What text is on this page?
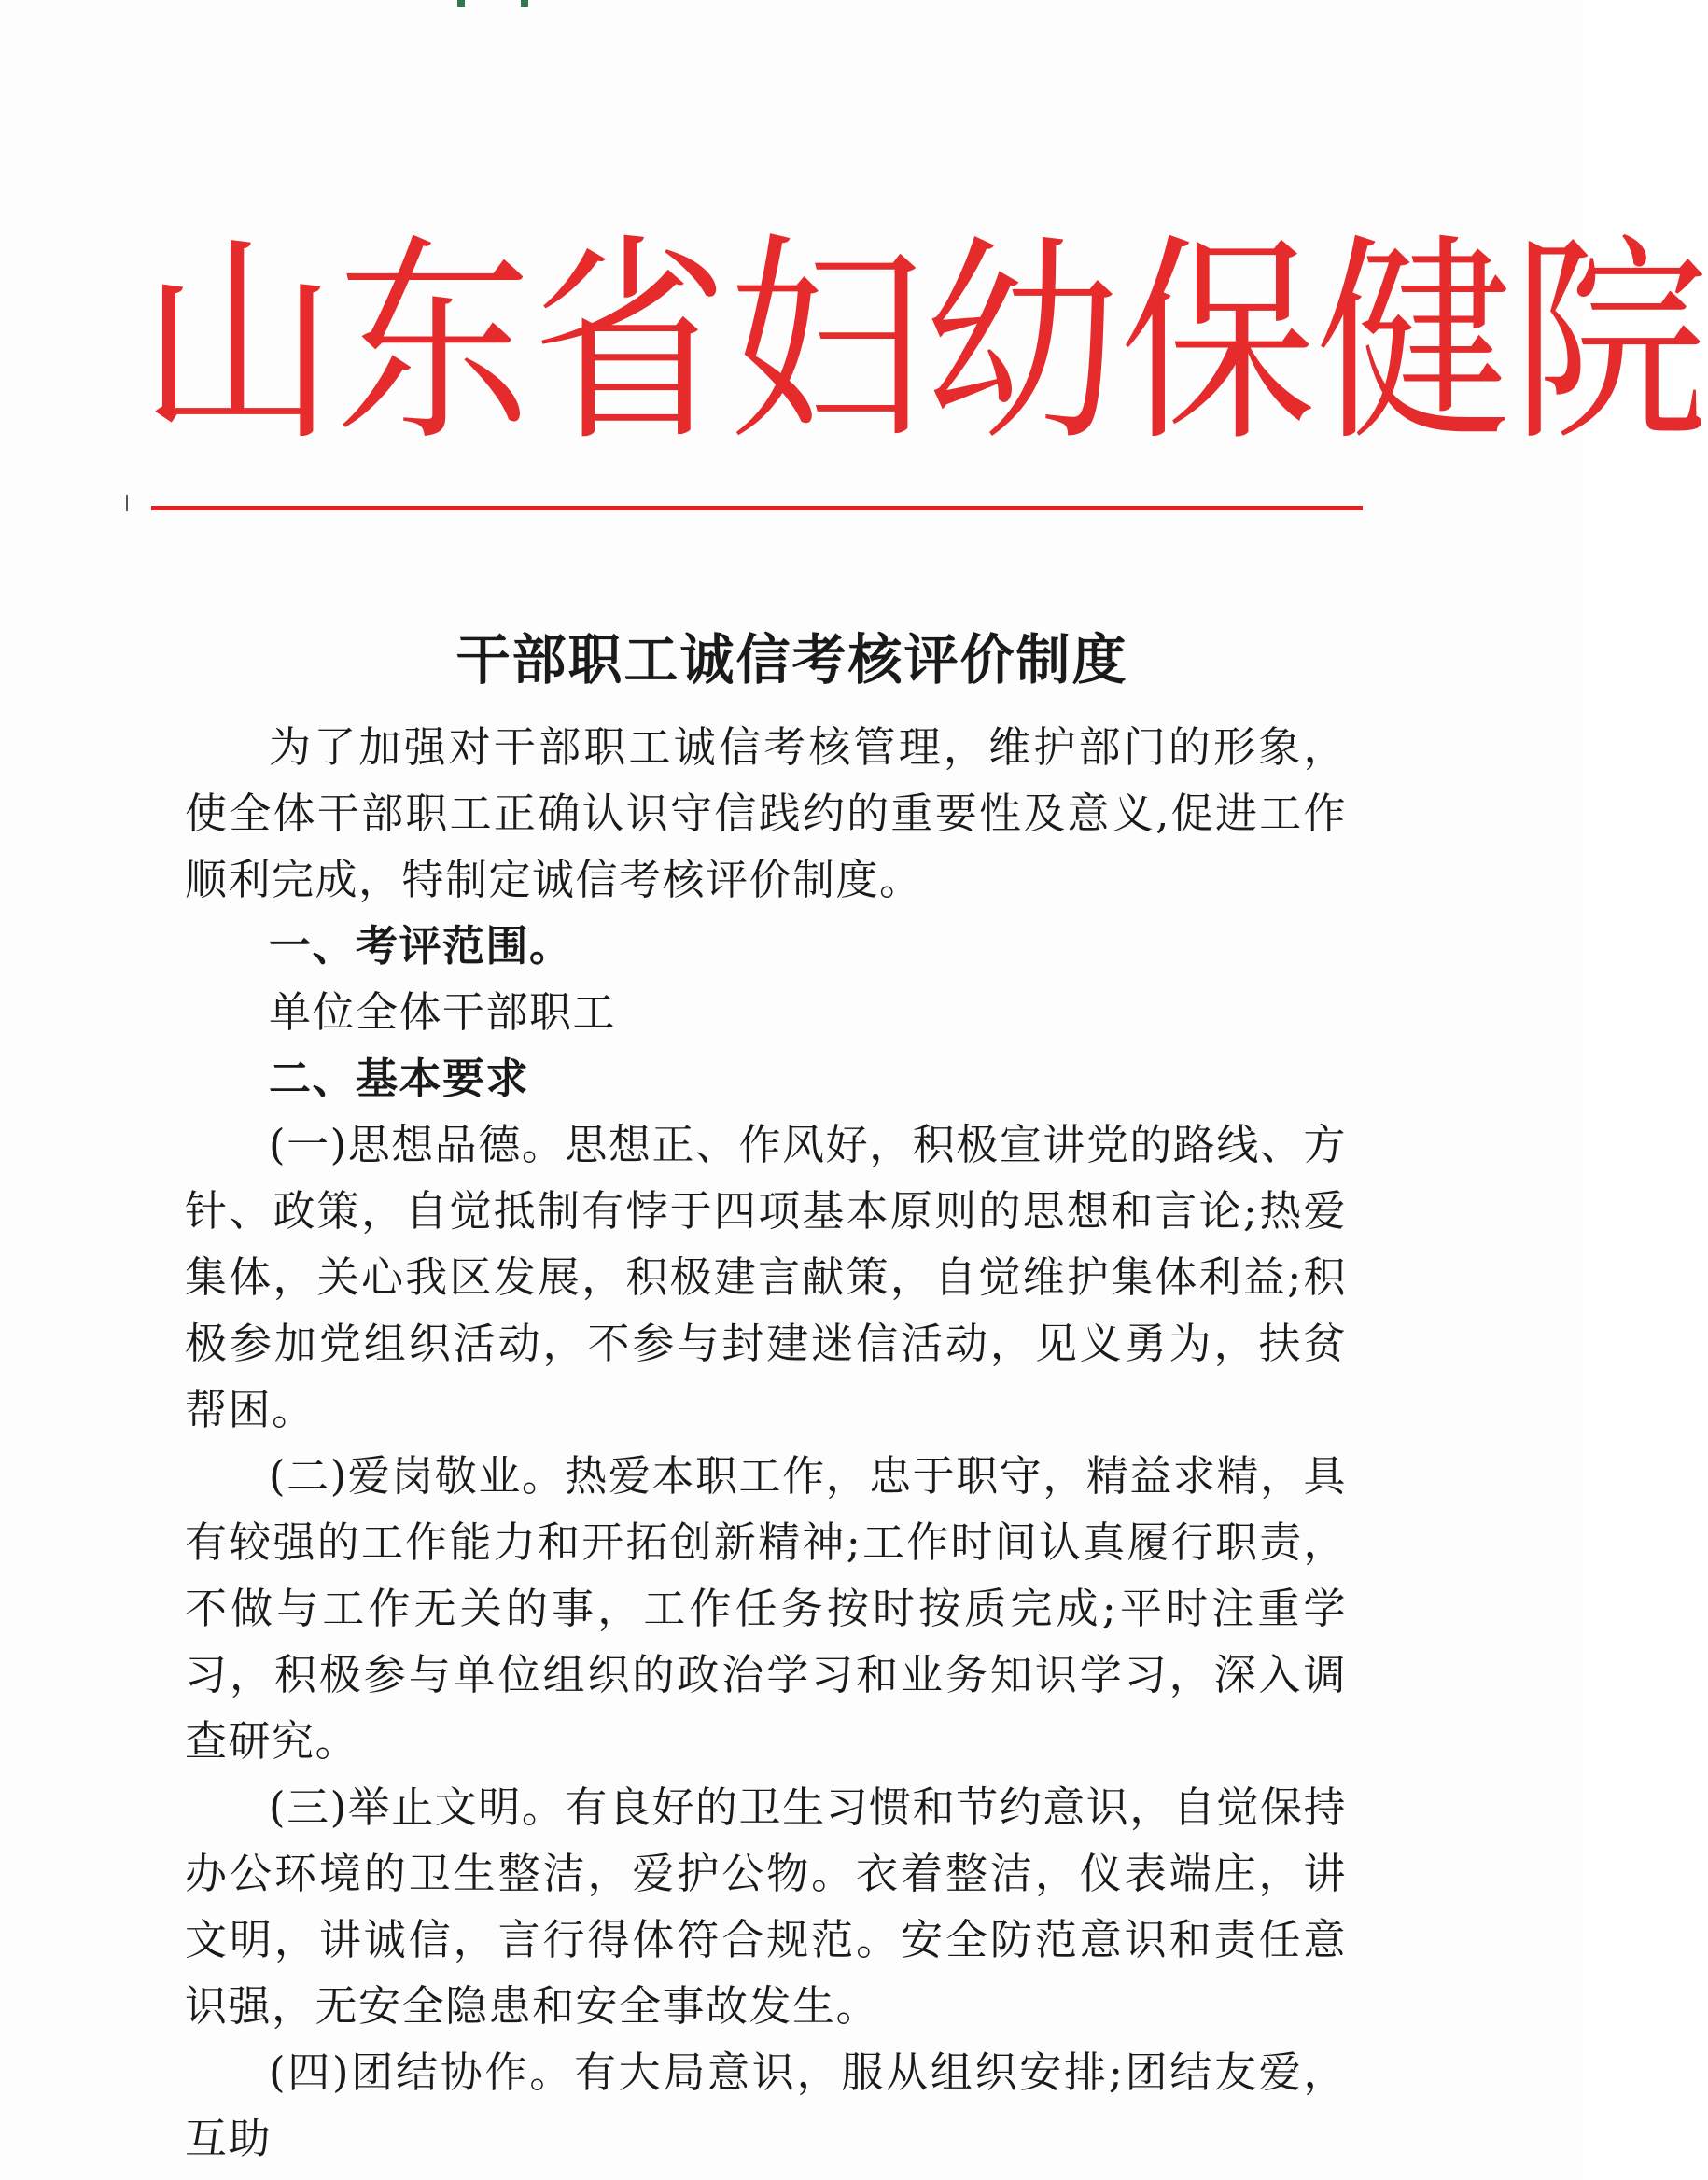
山 东 省 妇 幼 保 健 院
干部职工诚信考核评价制度

为了加强对干部职工诚信考核管理，维护部门的形象，使全体干部职工正确认识守信践约的重要性及意义,促进工作顺利完成，特制定诚信考核评价制度。

一、考评范围。

单位全体干部职工

二、基本要求

(一)思想品德。思想正、作风好，积极宣讲党的路线、方针、政策，自觉抵制有悖于四项基本原则的思想和言论;热爱集体，关心我区发展，积极建言献策，自觉维护集体利益;积极参加党组织活动，不参与封建迷信活动，见义勇为，扶贫帮困。

(二)爱岗敬业。热爱本职工作，忠于职守，精益求精，具有较强的工作能力和开拓创新精神;工作时间认真履行职责，不做与工作无关的事，工作任务按时按质完成;平时注重学习，积极参与单位组织的政治学习和业务知识学习，深入调查研究。

(三)举止文明。有良好的卫生习惯和节约意识，自觉保持办公环境的卫生整洁，爱护公物。衣着整洁，仪表端庄，讲文明，讲诚信，言行得体符合规范。安全防范意识和责任意识强，无安全隐患和安全事故发生。

(四)团结协作。有大局意识，服从组织安排;团结友爱，互助
